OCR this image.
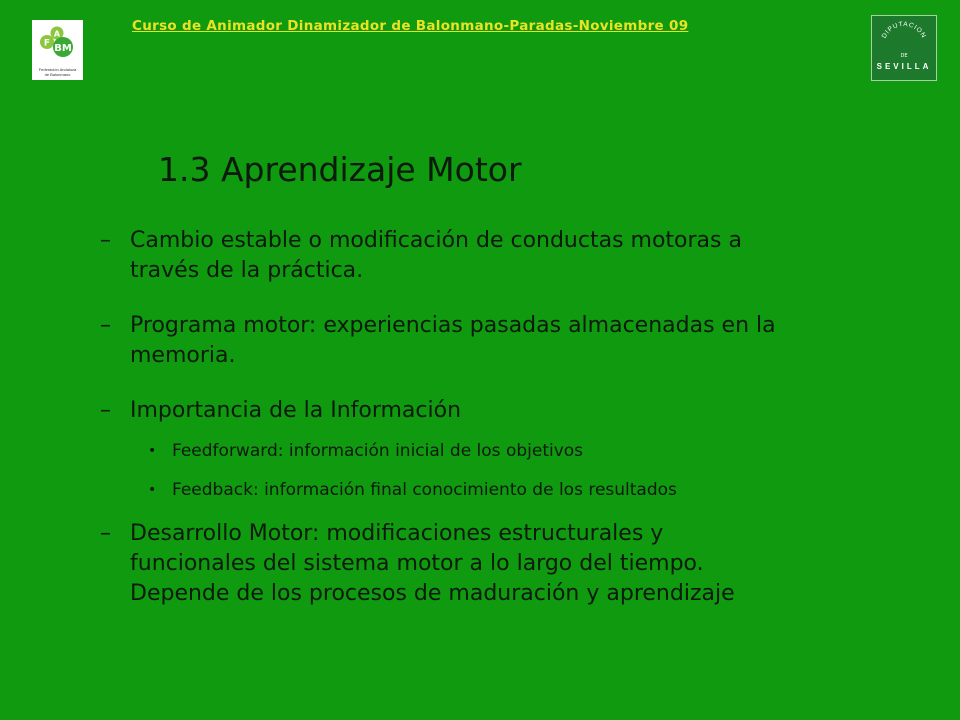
F
A
BM
Federación Andaluza
de Balonmano
Curso de Animador Dinamizador de Balonmano-Paradas-Noviembre 09
DIPUTACION
DE
SEVILLA
1.3 Aprendizaje Motor
– Cambio estable o modificación de conductas motoras a
través de la práctica.
– Programa motor: experiencias pasadas almacenadas en la
memoria.
– Importancia de la Información
• Feedforward: información inicial de los objetivos
• Feedback: información final conocimiento de los resultados
– Desarrollo Motor: modificaciones estructurales y
funcionales del sistema motor a lo largo del tiempo.
Depende de los procesos de maduración y aprendizaje
